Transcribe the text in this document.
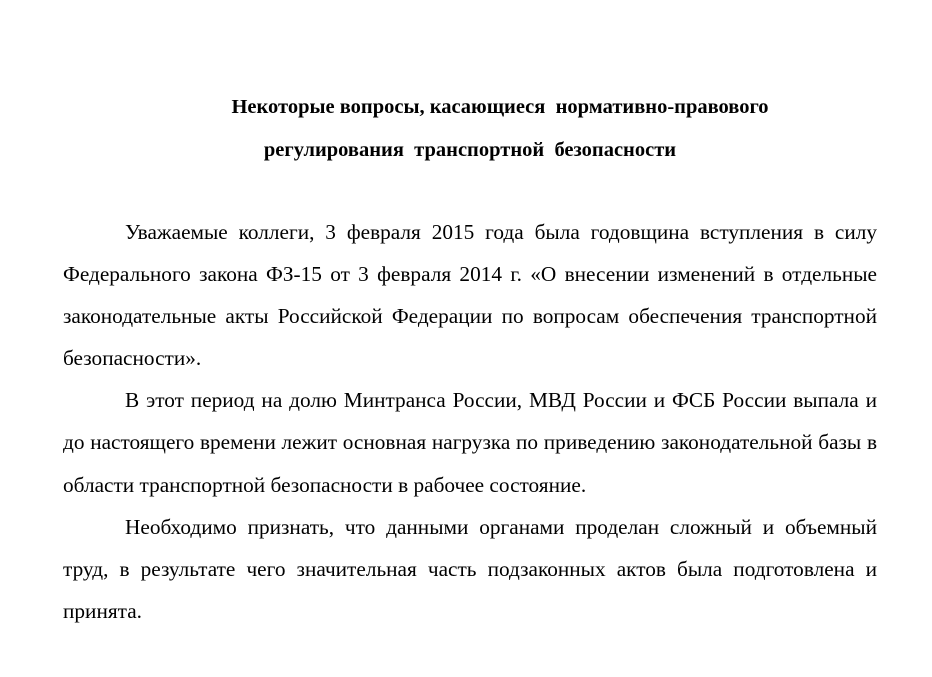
Некоторые вопросы, касающиеся  нормативно-правового
регулирования  транспортной  безопасности

Уважаемые коллеги, 3 февраля 2015 года была годовщина вступления в силу Федерального закона ФЗ-15 от 3 февраля 2014 г. «О внесении изменений в отдельные законодательные акты Российской Федерации по вопросам обеспечения транспортной безопасности».

В этот период на долю Минтранса России, МВД России и ФСБ России выпала и до настоящего времени лежит основная нагрузка по приведению законодательной базы в области транспортной безопасности в рабочее состояние.

Необходимо признать, что данными органами проделан сложный и объемный труд, в результате чего значительная часть подзаконных актов была подготовлена и принята.
